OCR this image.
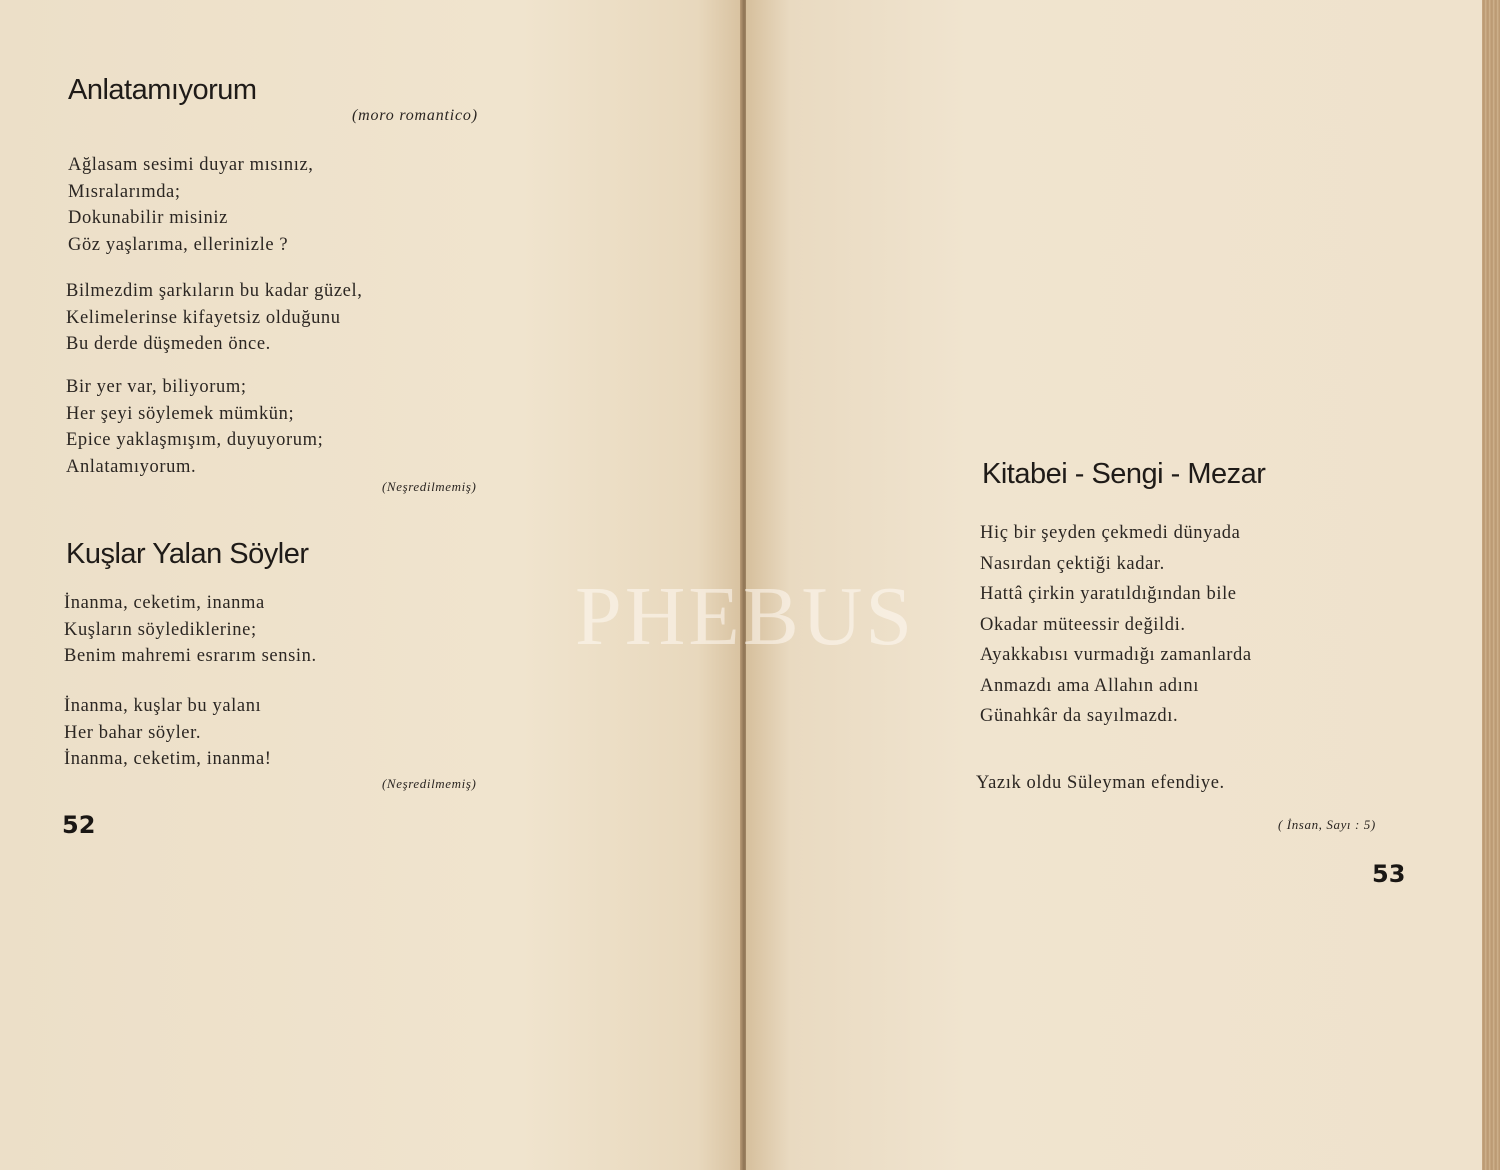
Anlatamıyorum
(moro romantico)
Ağlasam sesimi duyar mısınız,
Mısralarımda;
Dokunabilir misiniz
Göz yaşlarıma, ellerinizle ?
Bilmezdim şarkıların bu kadar güzel,
Kelimelerinse kifayetsiz olduğunu
Bu derde düşmeden önce.
Bir yer var, biliyorum;
Her şeyi söylemek mümkün;
Epice yaklaşmışım, duyuyorum;
Anlatamıyorum.
(Neşredilmemiş)
Kuşlar Yalan Söyler
İnanma, ceketim, inanma
Kuşların söylediklerine;
Benim mahremi esrarım sensin.
İnanma, kuşlar bu yalanı
Her bahar söyler.
İnanma, ceketim, inanma!
(Neşredilmemiş)
52
Kitabei - Sengi - Mezar
Hiç bir şeyden çekmedi dünyada
Nasırdan çektiği kadar.
Hattâ çirkin yaratıldığından bile
Okadar müteessir değildi.
Ayakkabısı vurmadığı zamanlarda
Anmazdı ama Allahın adını
Günahkâr da sayılmazdı.
Yazık oldu Süleyman efendiye.
( İnsan, Sayı : 5)
53
PHEBUS
